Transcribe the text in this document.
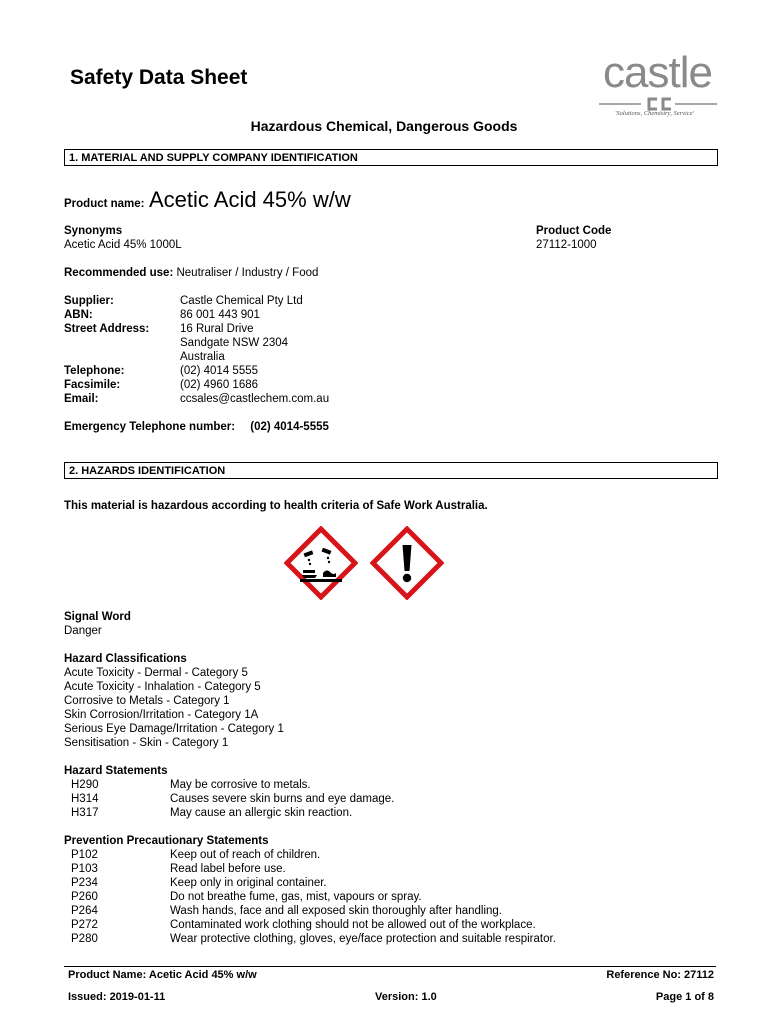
Safety Data Sheet	castle
'Solutions, Chemistry, Service'
Hazardous Chemical, Dangerous Goods
1. MATERIAL AND SUPPLY COMPANY IDENTIFICATION
Product name: Acetic Acid 45% w/w
Synonyms
Acetic Acid 45% 1000L
Product Code
27112-1000
Recommended use: Neutraliser / Industry / Food
Supplier:	Castle Chemical Pty Ltd
ABN:	86 001 443 901
Street Address:	16 Rural Drive
Sandgate NSW 2304
Australia
Telephone:	(02) 4014 5555
Facsimile:	(02) 4960 1686
Email:	ccsales@castlechem.com.au
Emergency Telephone number: (02) 4014-5555
2. HAZARDS IDENTIFICATION
This material is hazardous according to health criteria of Safe Work Australia.
Signal Word
Danger
Hazard Classifications
Acute Toxicity - Dermal - Category 5
Acute Toxicity - Inhalation - Category 5
Corrosive to Metals - Category 1
Skin Corrosion/Irritation - Category 1A
Serious Eye Damage/Irritation - Category 1
Sensitisation - Skin - Category 1
Hazard Statements
H290	May be corrosive to metals.
H314	Causes severe skin burns and eye damage.
H317	May cause an allergic skin reaction.
Prevention Precautionary Statements
P102	Keep out of reach of children.
P103	Read label before use.
P234	Keep only in original container.
P260	Do not breathe fume, gas, mist, vapours or spray.
P264	Wash hands, face and all exposed skin thoroughly after handling.
P272	Contaminated work clothing should not be allowed out of the workplace.
P280	Wear protective clothing, gloves, eye/face protection and suitable respirator.
Product Name: Acetic Acid 45% w/w	Reference No: 27112
Issued: 2019-01-11	Version: 1.0	Page 1 of 8
